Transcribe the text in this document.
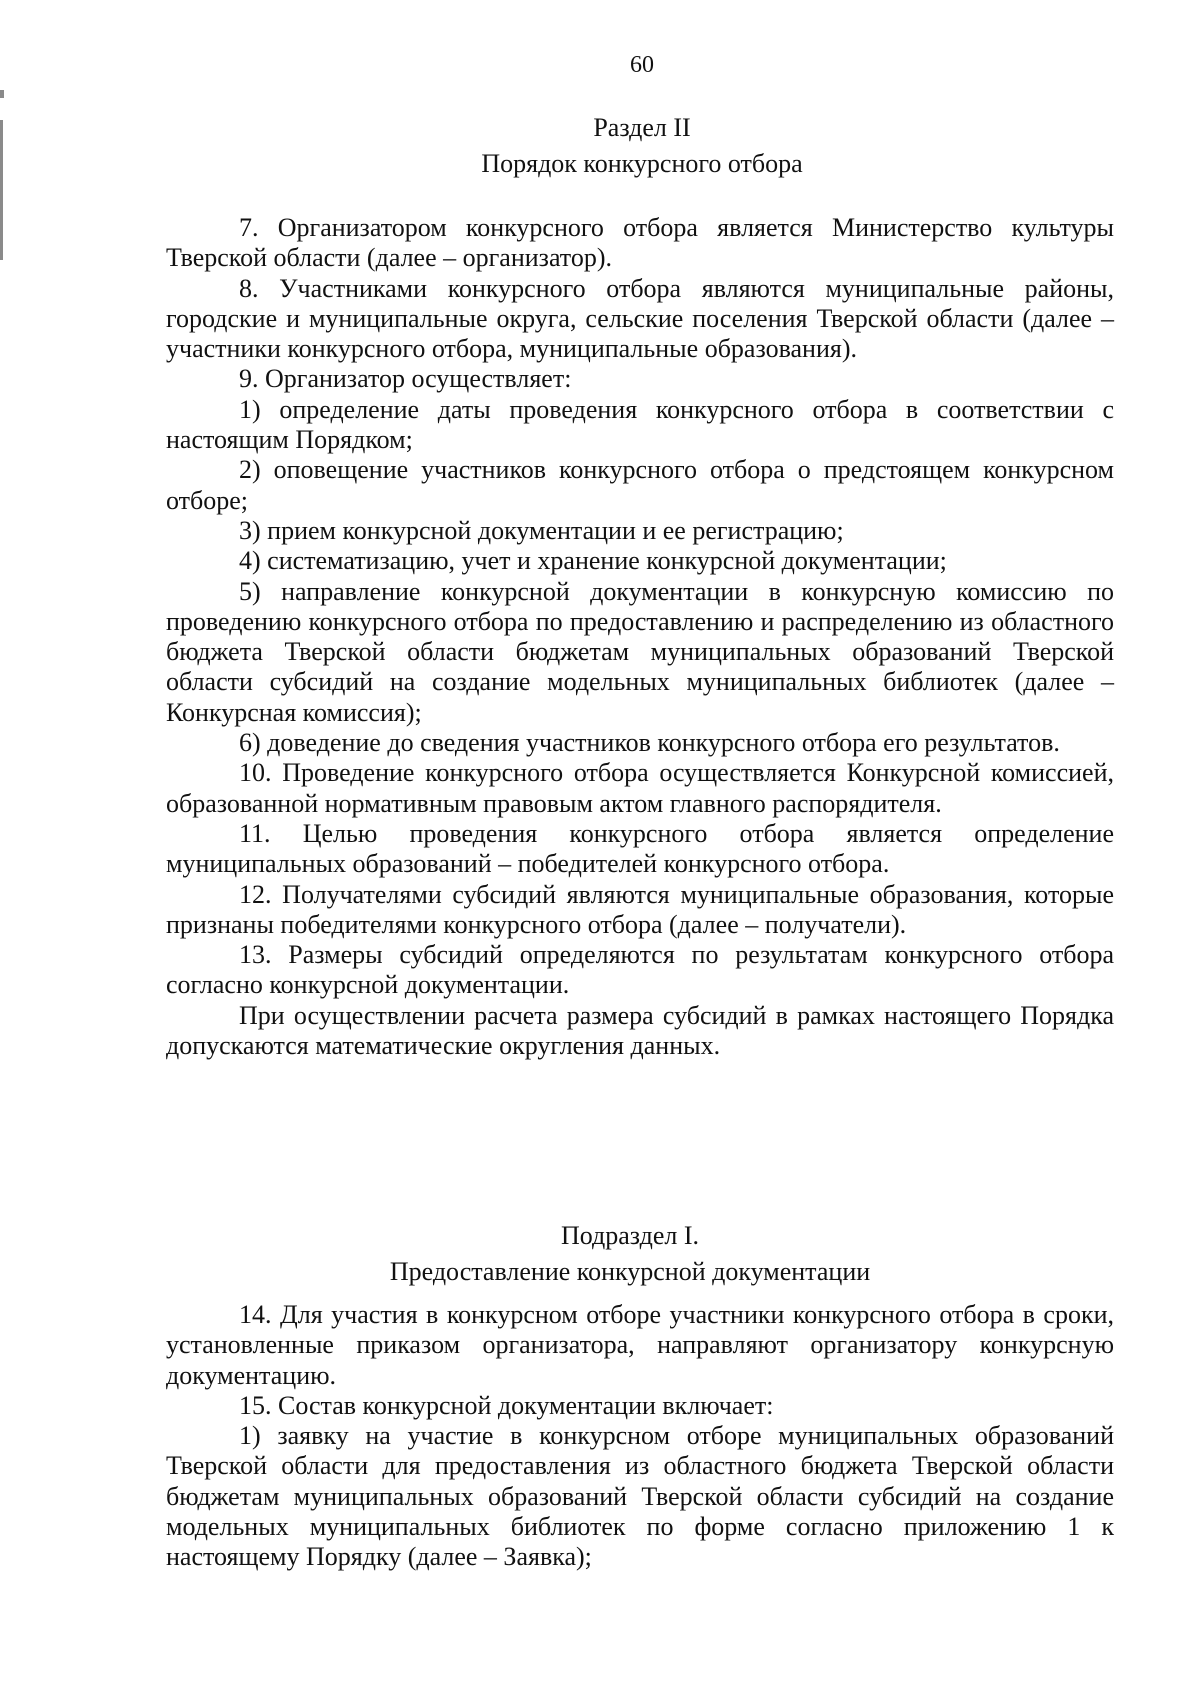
60
Раздел II
Порядок конкурсного отбора

7. Организатором конкурсного отбора является Министерство культуры Тверской области (далее – организатор).

8. Участниками конкурсного отбора являются муниципальные районы, городские и муниципальные округа, сельские поселения Тверской области (далее – участники конкурсного отбора, муниципальные образования).

9. Организатор осуществляет:

1) определение даты проведения конкурсного отбора в соответствии с настоящим Порядком;

2) оповещение участников конкурсного отбора о предстоящем конкурсном отборе;

3) прием конкурсной документации и ее регистрацию;

4) систематизацию, учет и хранение конкурсной документации;

5) направление конкурсной документации в конкурсную комиссию по проведению конкурсного отбора по предоставлению и распределению из областного бюджета Тверской области бюджетам муниципальных образований Тверской области субсидий на создание модельных муниципальных библиотек (далее – Конкурсная комиссия);

6) доведение до сведения участников конкурсного отбора его результатов.

10. Проведение конкурсного отбора осуществляется Конкурсной комиссией, образованной нормативным правовым актом главного распорядителя.

11. Целью проведения конкурсного отбора является определение муниципальных образований – победителей конкурсного отбора.

12. Получателями субсидий являются муниципальные образования, которые признаны победителями конкурсного отбора (далее – получатели).

13. Размеры субсидий определяются по результатам конкурсного отбора согласно конкурсной документации.

При осуществлении расчета размера субсидий в рамках настоящего Порядка допускаются математические округления данных.

Подраздел I.
Предоставление конкурсной документации

14. Для участия в конкурсном отборе участники конкурсного отбора в сроки, установленные приказом организатора, направляют организатору конкурсную документацию.

15. Состав конкурсной документации включает:

1) заявку на участие в конкурсном отборе муниципальных образований Тверской области для предоставления из областного бюджета Тверской области бюджетам муниципальных образований Тверской области субсидий на создание модельных муниципальных библиотек по форме согласно приложению 1 к настоящему Порядку (далее – Заявка);
